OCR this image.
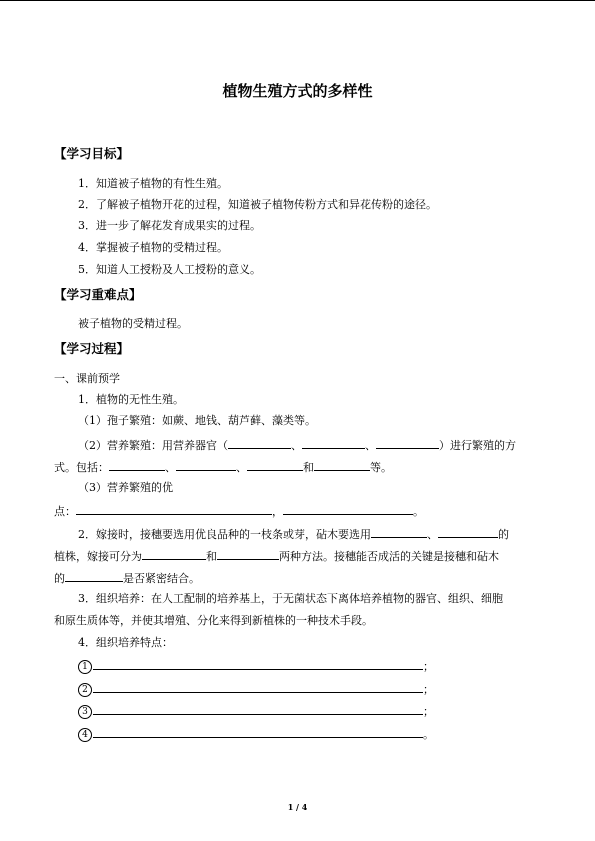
植物生殖方式的多样性
【学习目标】
1．知道被子植物的有性生殖。
2．了解被子植物开花的过程，知道被子植物传粉方式和异花传粉的途径。
3．进一步了解花发育成果实的过程。
4．掌握被子植物的受精过程。
5．知道人工授粉及人工授粉的意义。
【学习重难点】
被子植物的受精过程。
【学习过程】
一、课前预学
1．植物的无性生殖。
（1）孢子繁殖：如蕨、地钱、葫芦藓、藻类等。
（2）营养繁殖：用营养器官（	、	、	）进行繁殖的方
式。包括：	、	、	和	等。
（3）营养繁殖的优
点：	，	。
2．嫁接时，接穗要选用优良品种的一枝条或芽，砧木要选用	、	的
植株，嫁接可分为	和	两种方法。接穗能否成活的关键是接穗和砧木
的	是否紧密结合。
3．组织培养：在人工配制的培养基上，于无菌状态下离体培养植物的器官、组织、细胞
和原生质体等，并使其增殖、分化来得到新植株的一种技术手段。
4．组织培养特点：
1	；
2	；
3	；
4	。
1 / 4
